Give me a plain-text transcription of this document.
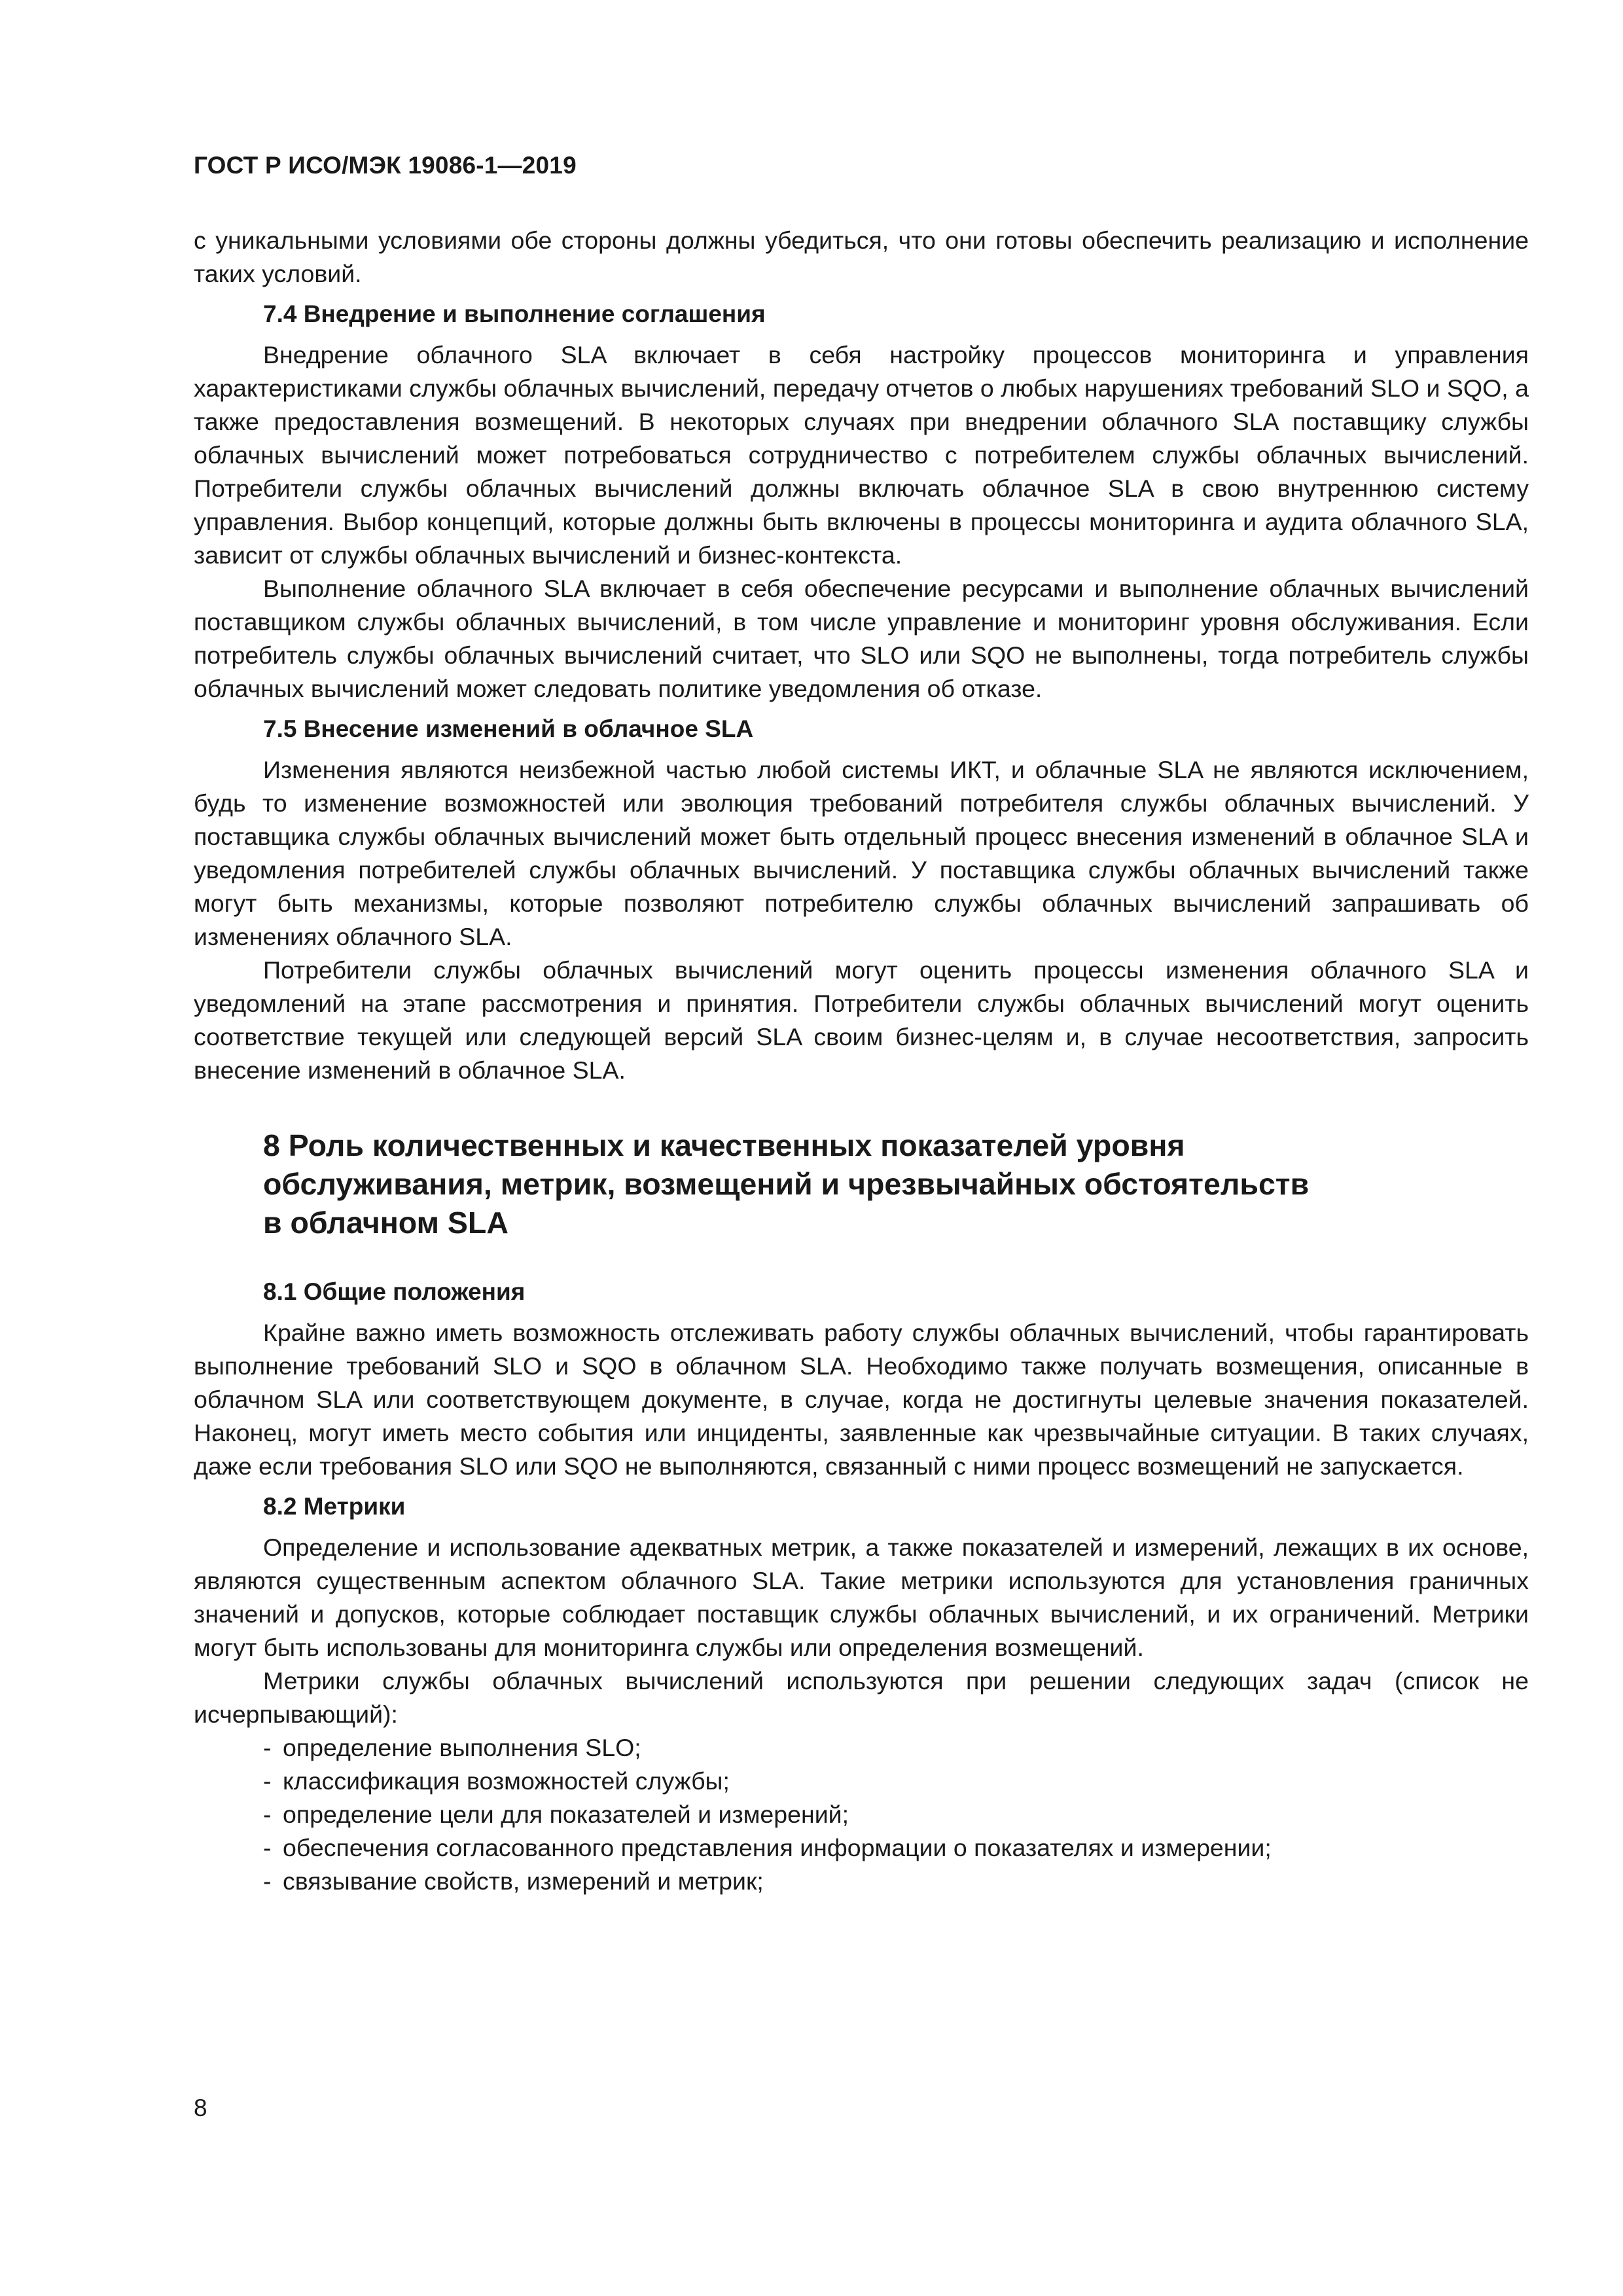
ГОСТ Р ИСО/МЭК 19086-1—2019

с уникальными условиями обе стороны должны убедиться, что они готовы обеспечить реализацию и исполнение таких условий.

7.4 Внедрение и выполнение соглашения

Внедрение облачного SLA включает в себя настройку процессов мониторинга и управления характеристиками службы облачных вычислений, передачу отчетов о любых нарушениях требований SLO и SQO, а также предоставления возмещений. В некоторых случаях при внедрении облачного SLA поставщику службы облачных вычислений может потребоваться сотрудничество с потребителем службы облачных вычислений. Потребители службы облачных вычислений должны включать облачное SLA в свою внутреннюю систему управления. Выбор концепций, которые должны быть включены в процессы мониторинга и аудита облачного SLA, зависит от службы облачных вычислений и бизнес-контекста.

Выполнение облачного SLA включает в себя обеспечение ресурсами и выполнение облачных вычислений поставщиком службы облачных вычислений, в том числе управление и мониторинг уровня обслуживания. Если потребитель службы облачных вычислений считает, что SLO или SQO не выполнены, тогда потребитель службы облачных вычислений может следовать политике уведомления об отказе.

7.5 Внесение изменений в облачное SLA

Изменения являются неизбежной частью любой системы ИКТ, и облачные SLA не являются исключением, будь то изменение возможностей или эволюция требований потребителя службы облачных вычислений. У поставщика службы облачных вычислений может быть отдельный процесс внесения изменений в облачное SLA и уведомления потребителей службы облачных вычислений. У поставщика службы облачных вычислений также могут быть механизмы, которые позволяют потребителю службы облачных вычислений запрашивать об изменениях облачного SLA.

Потребители службы облачных вычислений могут оценить процессы изменения облачного SLA и уведомлений на этапе рассмотрения и принятия. Потребители службы облачных вычислений могут оценить соответствие текущей или следующей версий SLA своим бизнес-целям и, в случае несоответствия, запросить внесение изменений в облачное SLA.

8 Роль количественных и качественных показателей уровня
обслуживания, метрик, возмещений и чрезвычайных обстоятельств
в облачном SLA
8.1 Общие положения

Крайне важно иметь возможность отслеживать работу службы облачных вычислений, чтобы гарантировать выполнение требований SLO и SQO в облачном SLA. Необходимо также получать возмещения, описанные в облачном SLA или соответствующем документе, в случае, когда не достигнуты целевые значения показателей. Наконец, могут иметь место события или инциденты, заявленные как чрезвычайные ситуации. В таких случаях, даже если требования SLO или SQO не выполняются, связанный с ними процесс возмещений не запускается.

8.2 Метрики

Определение и использование адекватных метрик, а также показателей и измерений, лежащих в их основе, являются существенным аспектом облачного SLA. Такие метрики используются для установления граничных значений и допусков, которые соблюдает поставщик службы облачных вычислений, и их ограничений. Метрики могут быть использованы для мониторинга службы или определения возмещений.

Метрики службы облачных вычислений используются при решении следующих задач (список не исчерпывающий):

- определение выполнения SLO;
- классификация возможностей службы;
- определение цели для показателей и измерений;
- обеспечения согласованного представления информации о показателях и измерении;
- связывание свойств, измерений и метрик;
8
